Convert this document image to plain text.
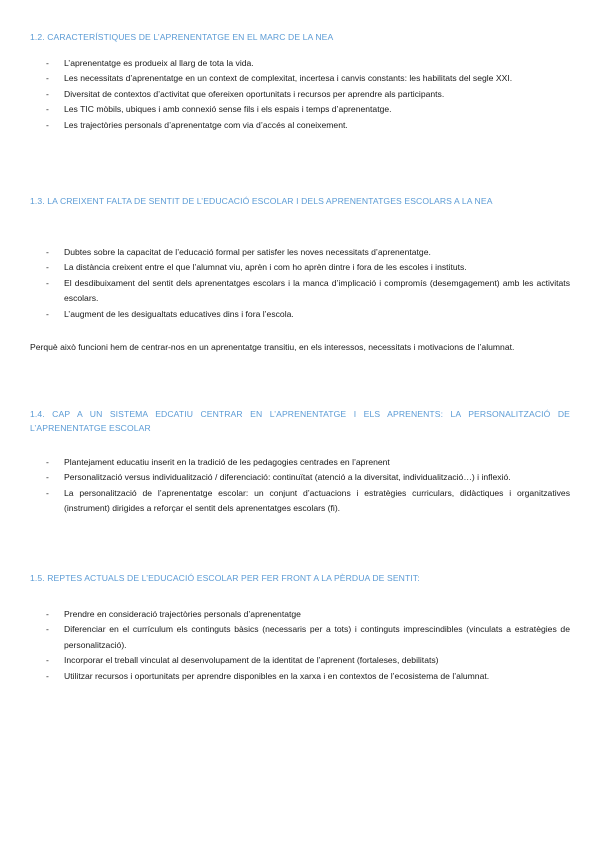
1.2. CARACTERÍSTIQUES DE L’APRENENTATGE EN EL MARC DE LA NEA
- L’aprenentatge es produeix al llarg de tota la vida.
- Les necessitats d’aprenentatge en un context de complexitat, incertesa i canvis constants: les habilitats del segle XXI.
- Diversitat de contextos d’activitat que ofereixen oportunitats i recursos per aprendre als participants.
- Les TIC mòbils, ubiques i amb connexió sense fils i els espais i temps d’aprenentatge.
- Les trajectòries personals d’aprenentatge com via d’accés al coneixement.
1.3. LA CREIXENT FALTA DE SENTIT DE L’EDUCACIÓ ESCOLAR I DELS APRENENTATGES ESCOLARS A LA NEA
- Dubtes sobre la capacitat de l’educació formal per satisfer les noves necessitats d’aprenentatge.
- La distància creixent entre el que l’alumnat viu, aprèn i com ho aprèn dintre i fora de les escoles i instituts.
- El desdibuixament del sentit dels aprenentatges escolars i la manca d’implicació i compromís (desemgagement) amb les activitats escolars.
- L’augment de les desigualtats educatives dins i fora l’escola.
Perquè això funcioni hem de centrar-nos en un aprenentatge transitiu, en els interessos, necessitats i motivacions de l’alumnat.
1.4. CAP A UN SISTEMA EDCATIU CENTRAR EN L’APRENENTATGE I ELS APRENENTS: LA PERSONALITZACIÓ DE L’APRENENTATGE ESCOLAR
- Plantejament educatiu inserit en la tradició de les pedagogies centrades en l’aprenent
- Personalització versus individualització / diferenciació: continuïtat (atenció a la diversitat, individualització…) i inflexió.
- La personalització de l’aprenentatge escolar: un conjunt d’actuacions i estratègies curriculars, didàctiques i organitzatives (instrument) dirigides a reforçar el sentit dels aprenentatges escolars (fi).
1.5. REPTES ACTUALS DE L’EDUCACIÓ ESCOLAR PER FER FRONT A LA PÈRDUA DE SENTIT:
- Prendre en consideració trajectòries personals d’aprenentatge
- Diferenciar en el currículum els continguts bàsics (necessaris per a tots) i continguts imprescindibles (vinculats a estratègies de personalització).
- Incorporar el treball vinculat al desenvolupament de la identitat de l’aprenent (fortaleses, debilitats)
- Utilitzar recursos i oportunitats per aprendre disponibles en la xarxa i en contextos de l’ecosistema de l’alumnat.
